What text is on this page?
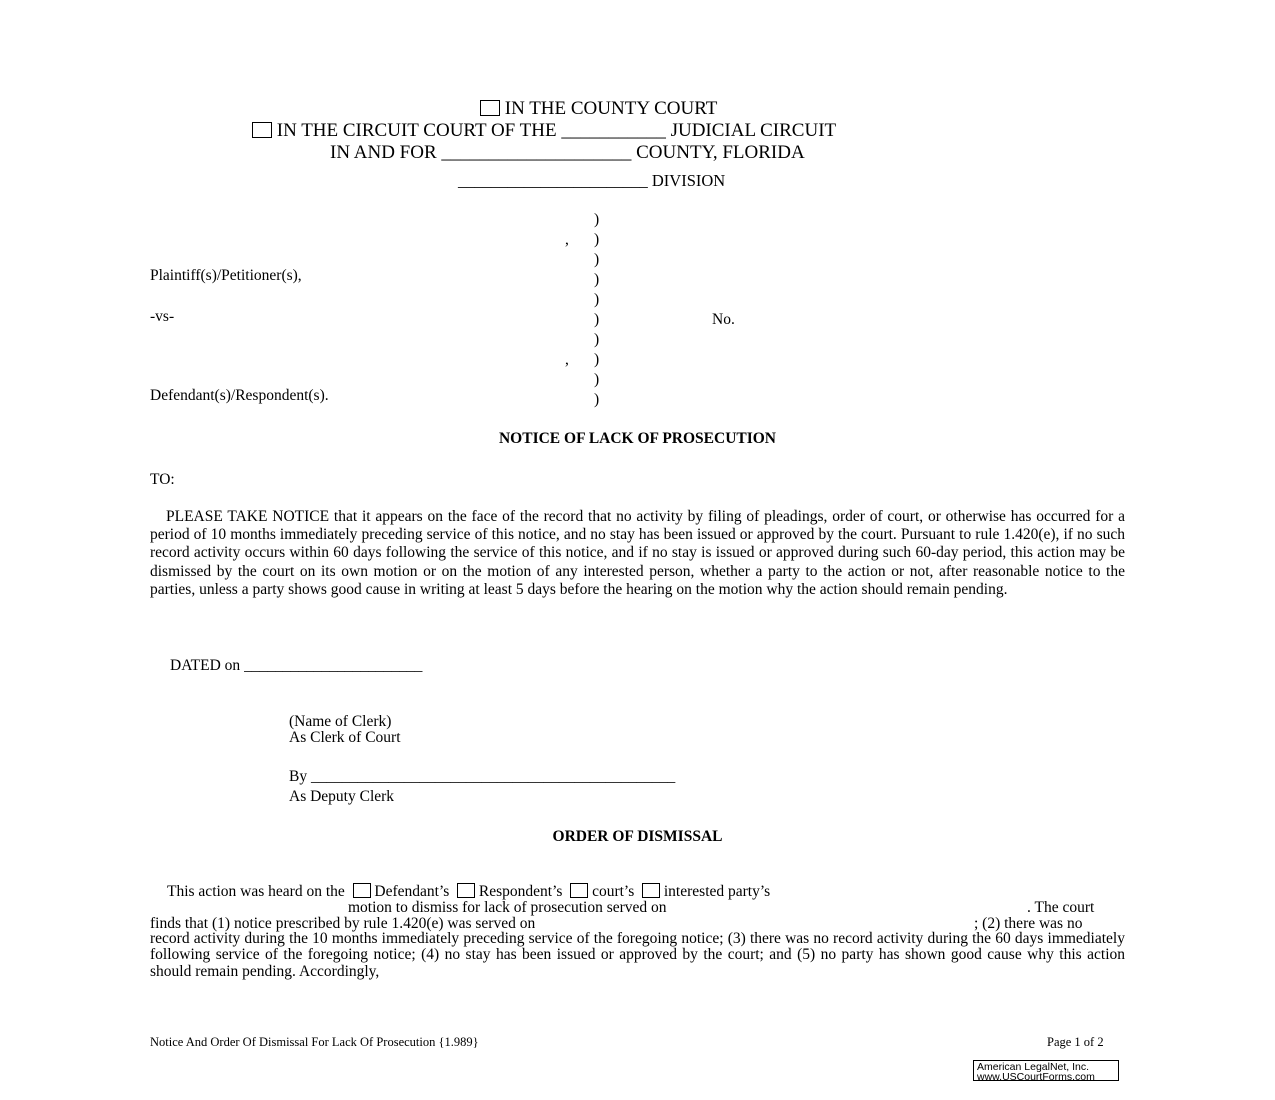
IN THE COUNTY COURT
IN THE CIRCUIT COURT OF THE ___________ JUDICIAL CIRCUIT
IN AND FOR ____________________ COUNTY, FLORIDA
_______________________ DIVISION
)
, )
)
)
)
)
)
, )
)
)
Plaintiff(s)/Petitioner(s),
-vs-	No.
Defendant(s)/Respondent(s).
NOTICE OF LACK OF PROSECUTION
TO:
PLEASE TAKE NOTICE that it appears on the face of the record that no activity by filing of pleadings, order of court, or otherwise has occurred for a period of 10 months immediately preceding service of this notice, and no stay has been issued or approved by the court. Pursuant to rule 1.420(e), if no such record activity occurs within 60 days following the service of this notice, and if no stay is issued or approved during such 60-day period, this action may be dismissed by the court on its own motion or on the motion of any interested person, whether a party to the action or not, after reasonable notice to the parties, unless a party shows good cause in writing at least 5 days before the hearing on the motion why the action should remain pending.
DATED on _______________________
(Name of Clerk)
As Clerk of Court
By _______________________________________________
As Deputy Clerk
ORDER OF DISMISSAL
This action was heard on the Defendant’s Respondent’s court’s interested party’s
motion to dismiss for lack of prosecution served on	. The court
finds that (1) notice prescribed by rule 1.420(e) was served on	; (2) there was no
record activity during the 10 months immediately preceding service of the foregoing notice; (3) there was no record activity during the 60 days immediately following service of the foregoing notice; (4) no stay has been issued or approved by the court; and (5) no party has shown good cause why this action should remain pending. Accordingly,
Notice And Order Of Dismissal For Lack Of Prosecution {1.989}	Page 1 of 2
American LegalNet, Inc.
www.USCourtForms.com
